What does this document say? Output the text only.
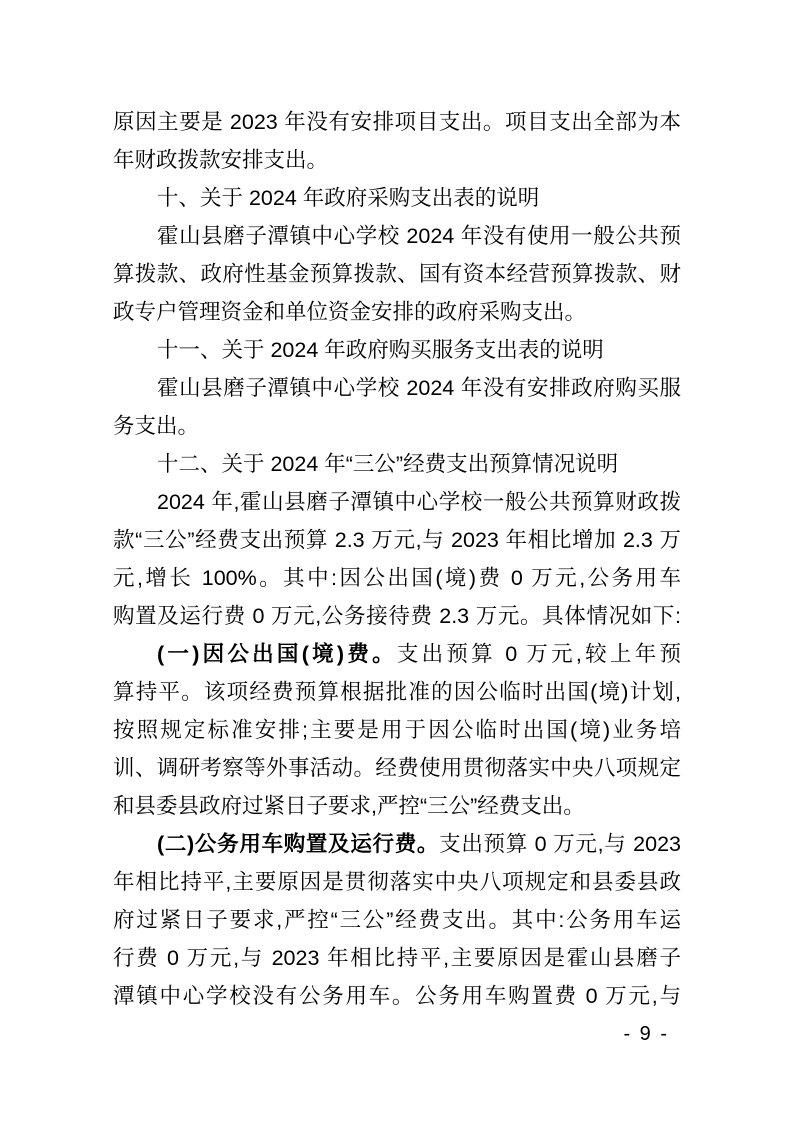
原因主要是 2023 年没有安排项目支出。项目支出全部为本
年财政拨款安排支出。
十、关于 2024 年政府采购支出表的说明
霍山县磨子潭镇中心学校 2024 年没有使用一般公共预
算拨款、政府性基金预算拨款、国有资本经营预算拨款、财
政专户管理资金和单位资金安排的政府采购支出。
十一、关于 2024 年政府购买服务支出表的说明
霍山县磨子潭镇中心学校 2024 年没有安排政府购买服
务支出。
十二、关于 2024 年“三公”经费支出预算情况说明
2024 年,霍山县磨子潭镇中心学校一般公共预算财政拨
款“三公”经费支出预算 2.3 万元,与 2023 年相比增加 2.3 万
元,增长 100%。其中:因公出国(境)费 0 万元,公务用车
购置及运行费 0 万元,公务接待费 2.3 万元。具体情况如下:
(一)因公出国(境)费。支出预算 0 万元,较上年预
算持平。该项经费预算根据批准的因公临时出国(境)计划,
按照规定标准安排;主要是用于因公临时出国(境)业务培
训、调研考察等外事活动。经费使用贯彻落实中央八项规定
和县委县政府过紧日子要求,严控“三公”经费支出。
(二)公务用车购置及运行费。支出预算 0 万元,与 2023
年相比持平,主要原因是贯彻落实中央八项规定和县委县政
府过紧日子要求,严控“三公”经费支出。其中:公务用车运
行费 0 万元,与 2023 年相比持平,主要原因是霍山县磨子
潭镇中心学校没有公务用车。公务用车购置费 0 万元,与
- 9 -
